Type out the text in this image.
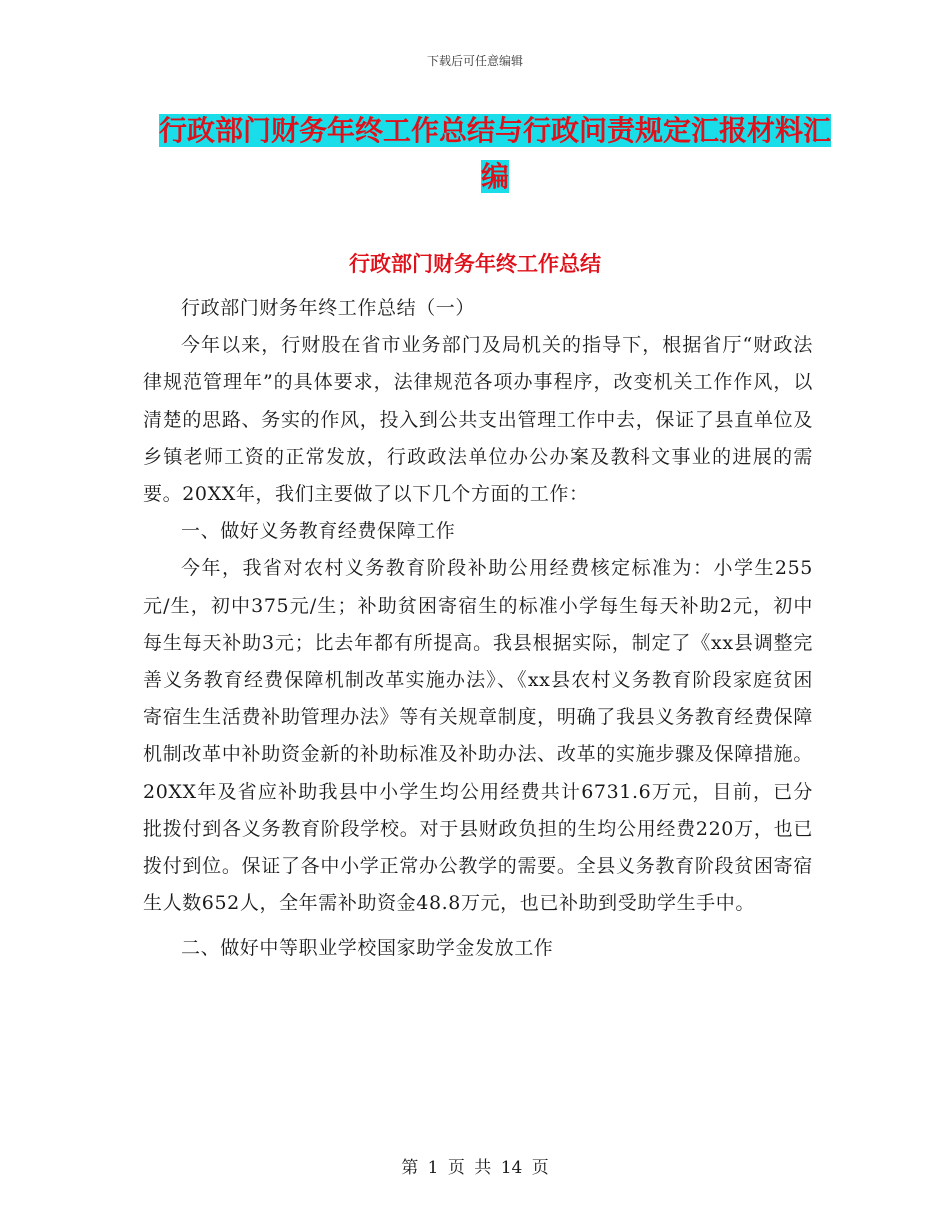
下载后可任意编辑
行政部门财务年终工作总结与行政问责规定汇报材料汇编
行政部门财务年终工作总结

行政部门财务年终工作总结（一）

今年以来，行财股在省市业务部门及局机关的指导下，根据省厅“财政法律规范管理年”的具体要求，法律规范各项办事程序，改变机关工作作风，以清楚的思路、务实的作风，投入到公共支出管理工作中去，保证了县直单位及乡镇老师工资的正常发放，行政政法单位办公办案及教科文事业的进展的需要。20XX年，我们主要做了以下几个方面的工作：

一、做好义务教育经费保障工作

今年，我省对农村义务教育阶段补助公用经费核定标准为：小学生255元/生，初中375元/生；补助贫困寄宿生的标准小学每生每天补助2元，初中每生每天补助3元；比去年都有所提高。我县根据实际，制定了《xx县调整完善义务教育经费保障机制改革实施办法》、《xx县农村义务教育阶段家庭贫困寄宿生生活费补助管理办法》等有关规章制度，明确了我县义务教育经费保障机制改革中补助资金新的补助标准及补助办法、改革的实施步骤及保障措施。20XX年及省应补助我县中小学生均公用经费共计6731.6万元，目前，已分批拨付到各义务教育阶段学校。对于县财政负担的生均公用经费220万，也已拨付到位。保证了各中小学正常办公教学的需要。全县义务教育阶段贫困寄宿生人数652人，全年需补助资金48.8万元，也已补助到受助学生手中。

二、做好中等职业学校国家助学金发放工作

第 1 页 共 14 页
